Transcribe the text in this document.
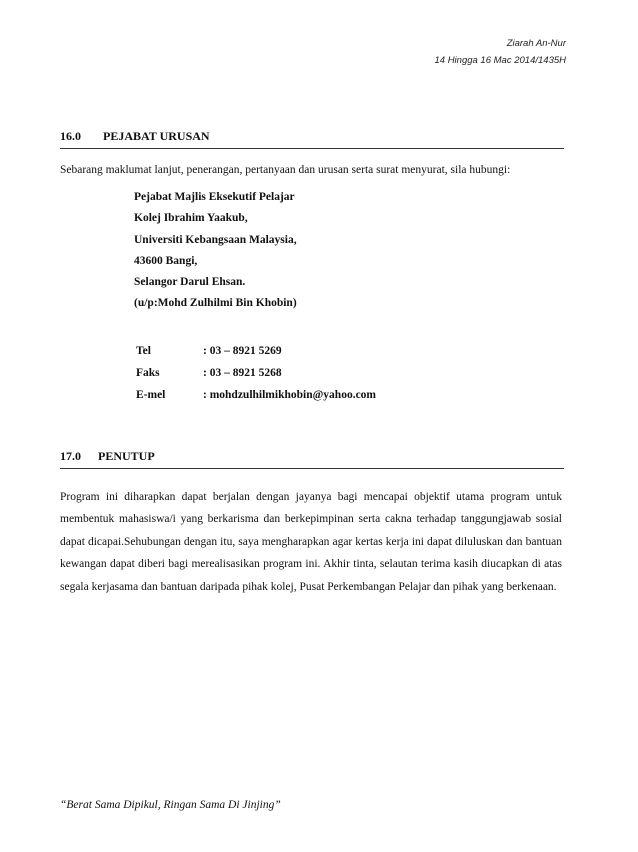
Ziarah An-Nur
14 Hingga 16 Mac 2014/1435H
16.0 PEJABAT URUSAN
Sebarang maklumat lanjut, penerangan, pertanyaan dan urusan serta surat menyurat, sila hubungi:
Pejabat Majlis Eksekutif Pelajar
Kolej Ibrahim Yaakub,
Universiti Kebangsaan Malaysia,
43600 Bangi,
Selangor Darul Ehsan.
(u/p:Mohd Zulhilmi Bin Khobin)
Tel	: 03 – 8921 5269
Faks	: 03 – 8921 5268
E-mel	: mohdzulhilmikhobin@yahoo.com
17.0 PENUTUP
Program ini diharapkan dapat berjalan dengan jayanya bagi mencapai objektif utama program untuk membentuk mahasiswa/i yang berkarisma dan berkepimpinan serta cakna terhadap tanggungjawab sosial dapat dicapai.Sehubungan dengan itu, saya mengharapkan agar kertas kerja ini dapat diluluskan dan bantuan kewangan dapat diberi bagi merealisasikan program ini. Akhir tinta, selautan terima kasih diucapkan di atas segala kerjasama dan bantuan daripada pihak kolej, Pusat Perkembangan Pelajar dan pihak yang berkenaan.
“Berat Sama Dipikul, Ringan Sama Di Jinjing”
